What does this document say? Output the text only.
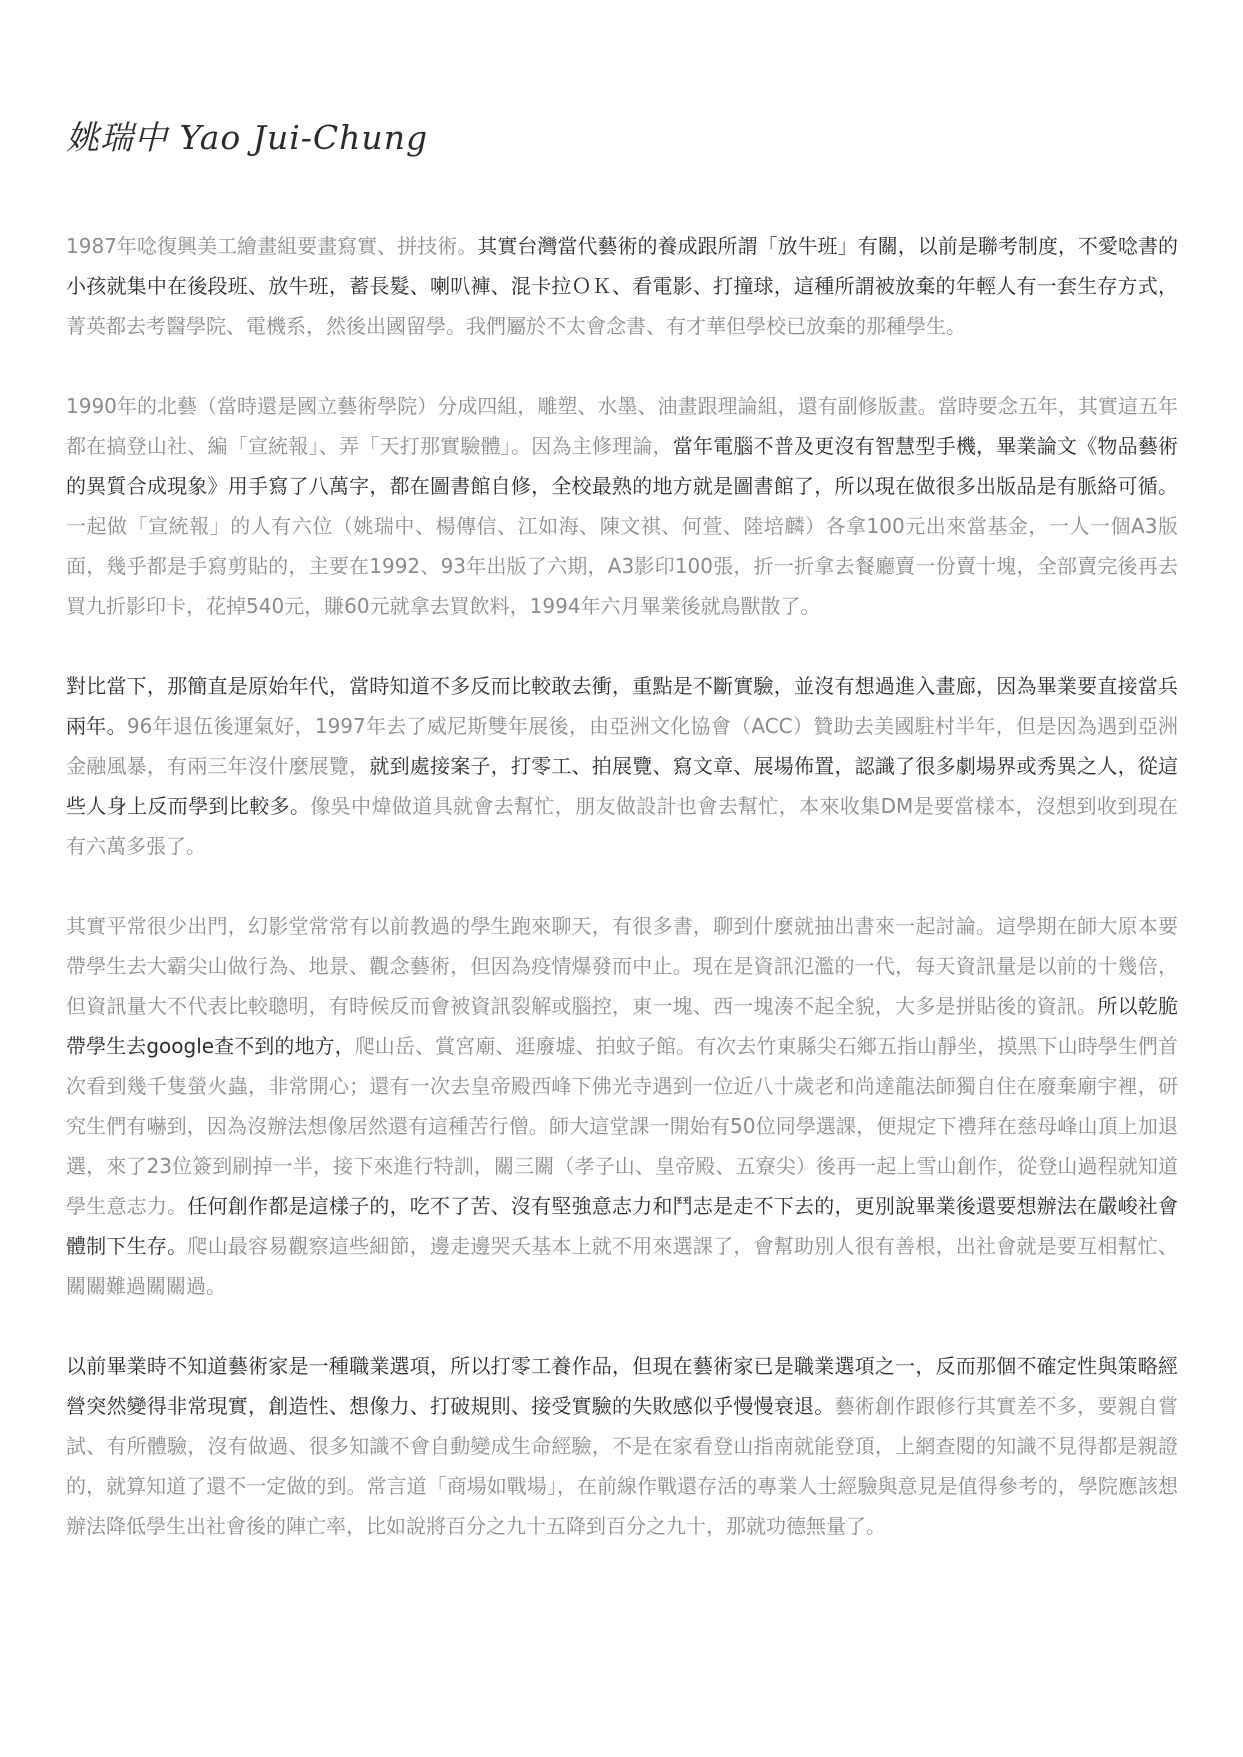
姚瑞中 Yao Jui-Chung

1987年唸復興美工繪畫組要畫寫實、拼技術。其實台灣當代藝術的養成跟所謂「放牛班」有關，以前是聯考制度，不愛唸書的小孩就集中在後段班、放牛班，蓄長髮、喇叭褲、混卡拉ＯＫ、看電影、打撞球，這種所謂被放棄的年輕人有一套生存方式，菁英都去考醫學院、電機系，然後出國留學。我們屬於不太會念書、有才華但學校已放棄的那種學生。

1990年的北藝（當時還是國立藝術學院）分成四組，雕塑、水墨、油畫跟理論組，還有副修版畫。當時要念五年，其實這五年都在搞登山社、編「宣統報」、弄「天打那實驗體」。因為主修理論，當年電腦不普及更沒有智慧型手機，畢業論文《物品藝術的異質合成現象》用手寫了八萬字，都在圖書館自修，全校最熟的地方就是圖書館了，所以現在做很多出版品是有脈絡可循。一起做「宣統報」的人有六位（姚瑞中、楊傳信、江如海、陳文祺、何萱、陸培麟）各拿100元出來當基金，一人一個A3版面，幾乎都是手寫剪貼的，主要在1992、93年出版了六期，A3影印100張，折一折拿去餐廳賣一份賣十塊，全部賣完後再去買九折影印卡，花掉540元，賺60元就拿去買飲料，1994年六月畢業後就鳥獸散了。

對比當下，那簡直是原始年代，當時知道不多反而比較敢去衝，重點是不斷實驗，並沒有想過進入畫廊，因為畢業要直接當兵兩年。96年退伍後運氣好，1997年去了威尼斯雙年展後，由亞洲文化協會（ACC）贊助去美國駐村半年，但是因為遇到亞洲金融風暴，有兩三年沒什麼展覽，就到處接案子，打零工、拍展覽、寫文章、展場佈置，認識了很多劇場界或秀異之人，從這些人身上反而學到比較多。像吳中煒做道具就會去幫忙，朋友做設計也會去幫忙，本來收集DM是要當樣本，沒想到收到現在有六萬多張了。

其實平常很少出門，幻影堂常常有以前教過的學生跑來聊天，有很多書，聊到什麼就抽出書來一起討論。這學期在師大原本要帶學生去大霸尖山做行為、地景、觀念藝術，但因為疫情爆發而中止。現在是資訊氾濫的一代，每天資訊量是以前的十幾倍，但資訊量大不代表比較聰明，有時候反而會被資訊裂解或腦控，東一塊、西一塊湊不起全貌，大多是拼貼後的資訊。所以乾脆帶學生去google查不到的地方，爬山岳、賞宮廟、逛廢墟、拍蚊子館。有次去竹東縣尖石鄉五指山靜坐，摸黑下山時學生們首次看到幾千隻螢火蟲，非常開心；還有一次去皇帝殿西峰下佛光寺遇到一位近八十歲老和尚達龍法師獨自住在廢棄廟宇裡，研究生們有嚇到，因為沒辦法想像居然還有這種苦行僧。師大這堂課一開始有50位同學選課，便規定下禮拜在慈母峰山頂上加退選，來了23位簽到刷掉一半，接下來進行特訓，關三關（孝子山、皇帝殿、五寮尖）後再一起上雪山創作，從登山過程就知道學生意志力。任何創作都是這樣子的，吃不了苦、沒有堅強意志力和鬥志是走不下去的，更別說畢業後還要想辦法在嚴峻社會體制下生存。爬山最容易觀察這些細節，邊走邊哭夭基本上就不用來選課了，會幫助別人很有善根，出社會就是要互相幫忙、關關難過關關過。

以前畢業時不知道藝術家是一種職業選項，所以打零工養作品，但現在藝術家已是職業選項之一，反而那個不確定性與策略經營突然變得非常現實，創造性、想像力、打破規則、接受實驗的失敗感似乎慢慢衰退。藝術創作跟修行其實差不多，要親自嘗試、有所體驗，沒有做過、很多知識不會自動變成生命經驗，不是在家看登山指南就能登頂，上網查閱的知識不見得都是親證的，就算知道了還不一定做的到。常言道「商場如戰場」，在前線作戰還存活的專業人士經驗與意見是值得參考的，學院應該想辦法降低學生出社會後的陣亡率，比如說將百分之九十五降到百分之九十，那就功德無量了。
